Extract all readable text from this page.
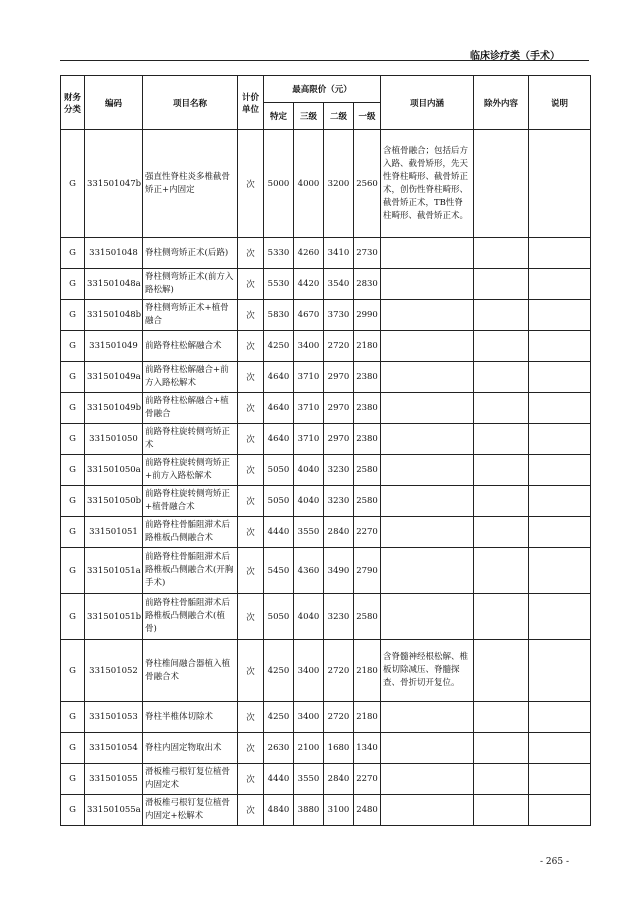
临床诊疗类（手术）
财务分类	编码	项目名称	计价单位	最高限价（元）				项目内涵	除外内容	说明
				特定	三级	二级	一级			
G	331501047b	强直性脊柱炎多椎截骨矫正+内固定	次	5000	4000	3200	2560	含植骨融合；包括后方入路、截骨矫形，先天性脊柱畸形、截骨矫正术，创伤性脊柱畸形、截骨矫正术，TB性脊柱畸形、截骨矫正术。		
G	331501048	脊柱侧弯矫正术(后路)	次	5330	4260	3410	2730			
G	331501048a	脊柱侧弯矫正术(前方入路松解)	次	5530	4420	3540	2830			
G	331501048b	脊柱侧弯矫正术+植骨融合	次	5830	4670	3730	2990			
G	331501049	前路脊柱松解融合术	次	4250	3400	2720	2180			
G	331501049a	前路脊柱松解融合+前方入路松解术	次	4640	3710	2970	2380			
G	331501049b	前路脊柱松解融合+植骨融合	次	4640	3710	2970	2380			
G	331501050	前路脊柱旋转侧弯矫正术	次	4640	3710	2970	2380			
G	331501050a	前路脊柱旋转侧弯矫正+前方入路松解术	次	5050	4040	3230	2580			
G	331501050b	前路脊柱旋转侧弯矫正+植骨融合术	次	5050	4040	3230	2580			
G	331501051	前路脊柱骨骺阻滞术后路椎板凸侧融合术	次	4440	3550	2840	2270			
G	331501051a	前路脊柱骨骺阻滞术后路椎板凸侧融合术(开胸手术)	次	5450	4360	3490	2790			
G	331501051b	前路脊柱骨骺阻滞术后路椎板凸侧融合术(植骨)	次	5050	4040	3230	2580			
G	331501052	脊柱椎间融合器植入植骨融合术	次	4250	3400	2720	2180	含脊髓神经根松解、椎板切除减压、脊髓探查、骨折切开复位。		
G	331501053	脊柱半椎体切除术	次	4250	3400	2720	2180			
G	331501054	脊柱内固定物取出术	次	2630	2100	1680	1340			
G	331501055	滑板椎弓根钉复位植骨内固定术	次	4440	3550	2840	2270			
G	331501055a	滑板椎弓根钉复位植骨内固定+松解术	次	4840	3880	3100	2480			
- 265 -
